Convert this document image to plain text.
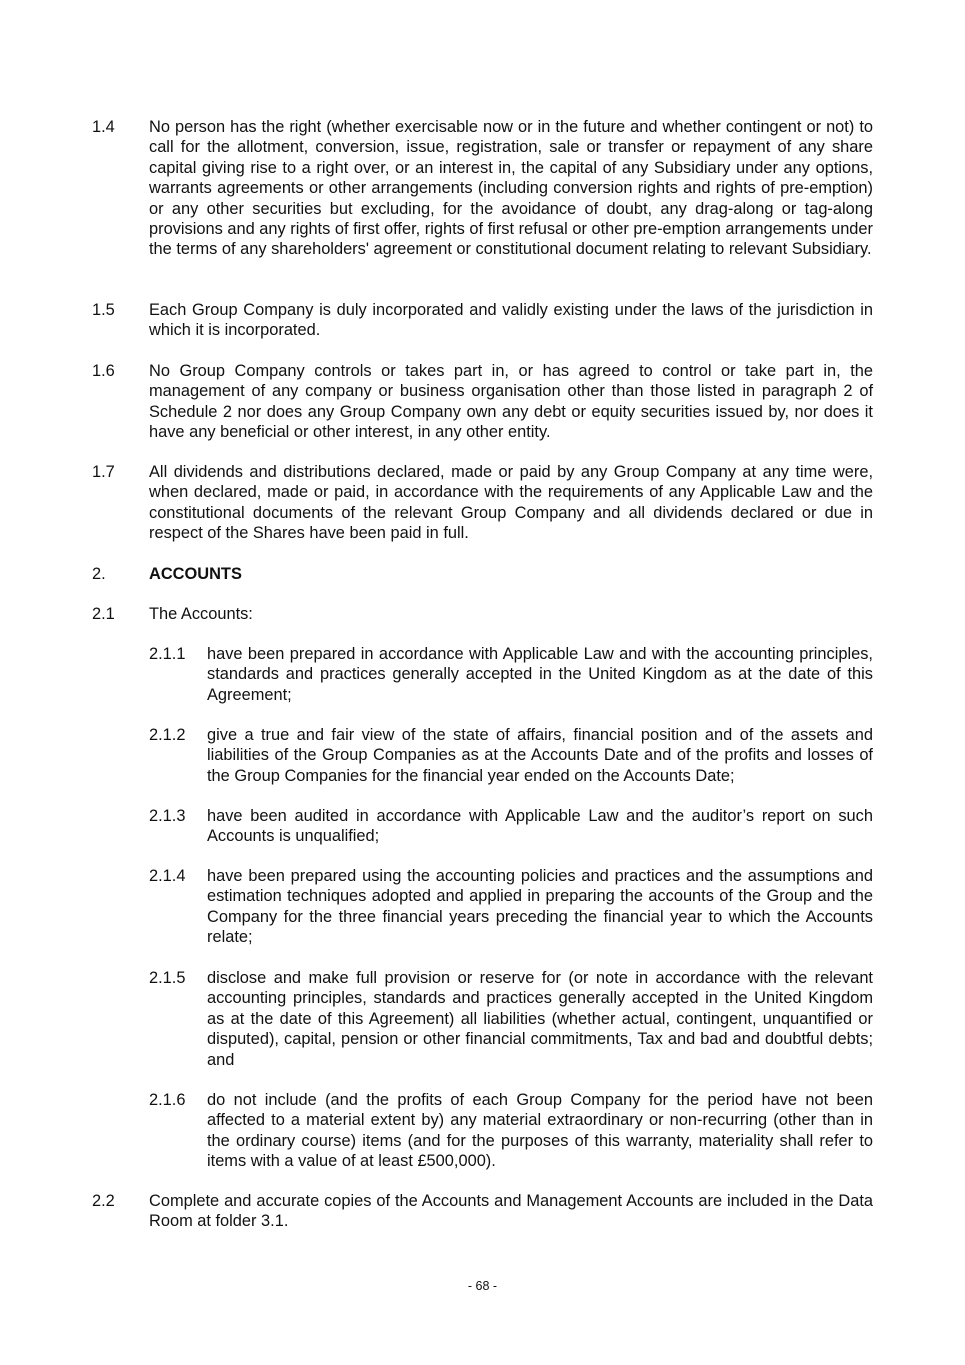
1.4 No person has the right (whether exercisable now or in the future and whether contingent or not) to call for the allotment, conversion, issue, registration, sale or transfer or repayment of any share capital giving rise to a right over, or an interest in, the capital of any Subsidiary under any options, warrants agreements or other arrangements (including conversion rights and rights of pre-emption) or any other securities but excluding, for the avoidance of doubt, any drag-along or tag-along provisions and any rights of first offer, rights of first refusal or other pre-emption arrangements under the terms of any shareholders' agreement or constitutional document relating to relevant Subsidiary.
1.5 Each Group Company is duly incorporated and validly existing under the laws of the jurisdiction in which it is incorporated.
1.6 No Group Company controls or takes part in, or has agreed to control or take part in, the management of any company or business organisation other than those listed in paragraph 2 of Schedule 2 nor does any Group Company own any debt or equity securities issued by, nor does it have any beneficial or other interest, in any other entity.
1.7 All dividends and distributions declared, made or paid by any Group Company at any time were, when declared, made or paid, in accordance with the requirements of any Applicable Law and the constitutional documents of the relevant Group Company and all dividends declared or due in respect of the Shares have been paid in full.
2.	ACCOUNTS
2.1 The Accounts:
2.1.1 have been prepared in accordance with Applicable Law and with the accounting principles, standards and practices generally accepted in the United Kingdom as at the date of this Agreement;
2.1.2 give a true and fair view of the state of affairs, financial position and of the assets and liabilities of the Group Companies as at the Accounts Date and of the profits and losses of the Group Companies for the financial year ended on the Accounts Date;
2.1.3 have been audited in accordance with Applicable Law and the auditor’s report on such Accounts is unqualified;
2.1.4 have been prepared using the accounting policies and practices and the assumptions and estimation techniques adopted and applied in preparing the accounts of the Group and the Company for the three financial years preceding the financial year to which the Accounts relate;
2.1.5 disclose and make full provision or reserve for (or note in accordance with the relevant accounting principles, standards and practices generally accepted in the United Kingdom as at the date of this Agreement) all liabilities (whether actual, contingent, unquantified or disputed), capital, pension or other financial commitments, Tax and bad and doubtful debts; and
2.1.6 do not include (and the profits of each Group Company for the period have not been affected to a material extent by) any material extraordinary or non-recurring (other than in the ordinary course) items (and for the purposes of this warranty, materiality shall refer to items with a value of at least £500,000).
2.2 Complete and accurate copies of the Accounts and Management Accounts are included in the Data Room at folder 3.1.
- 68 -
